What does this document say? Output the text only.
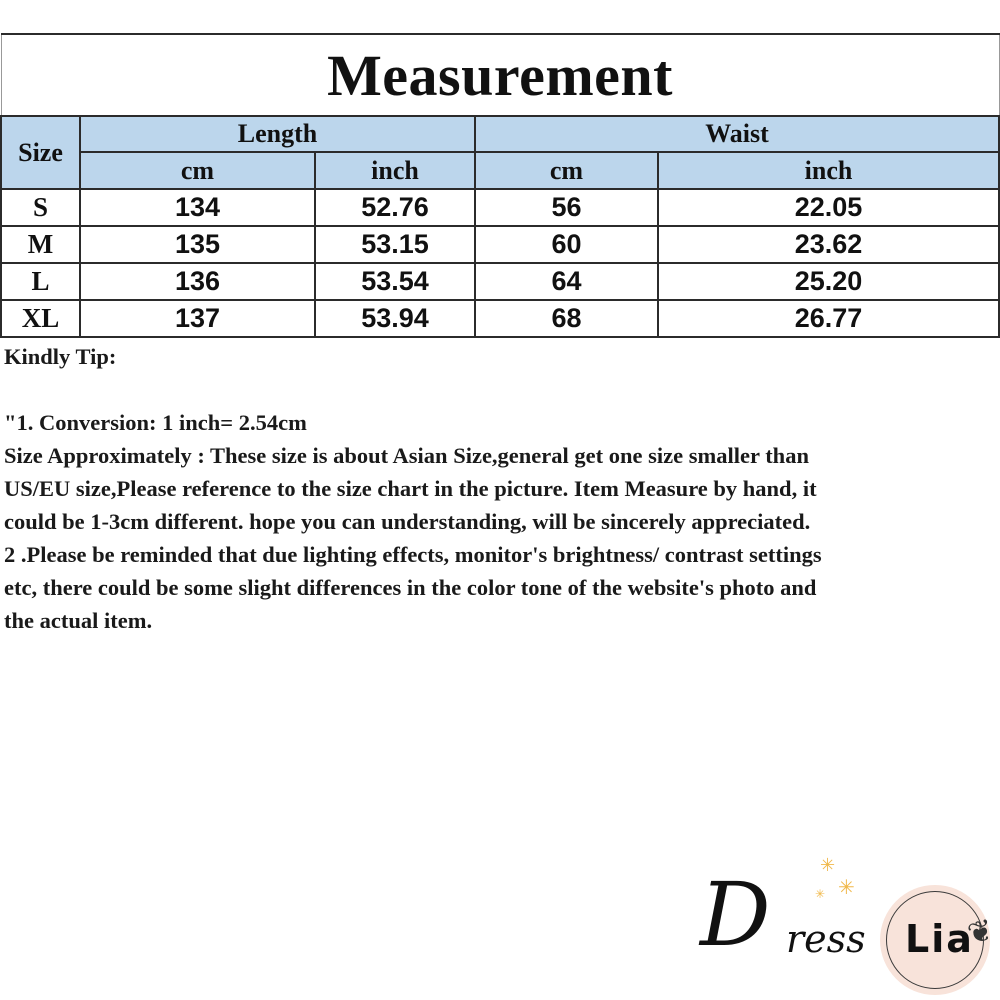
Measurement				
Size	Length		Waist	
	cm	inch	cm	inch
S	134	52.76	56	22.05
M	135	53.15	60	23.62
L	136	53.54	64	25.20
XL	137	53.94	68	26.77

Kindly Tip:

"1. Conversion: 1 inch= 2.54cm

Size Approximately : These size is about Asian Size,general get one size smaller than

US/EU size,Please reference to the size chart in the picture. Item Measure by hand, it

could be 1-3cm different. hope you can understanding, will be sincerely appreciated.

2 .Please be reminded that due lighting effects, monitor's brightness/ contrast settings

etc, there could be some slight differences in the color tone of the website's photo and

the actual item.

✳
✳
✳
D ress Lia
❦
